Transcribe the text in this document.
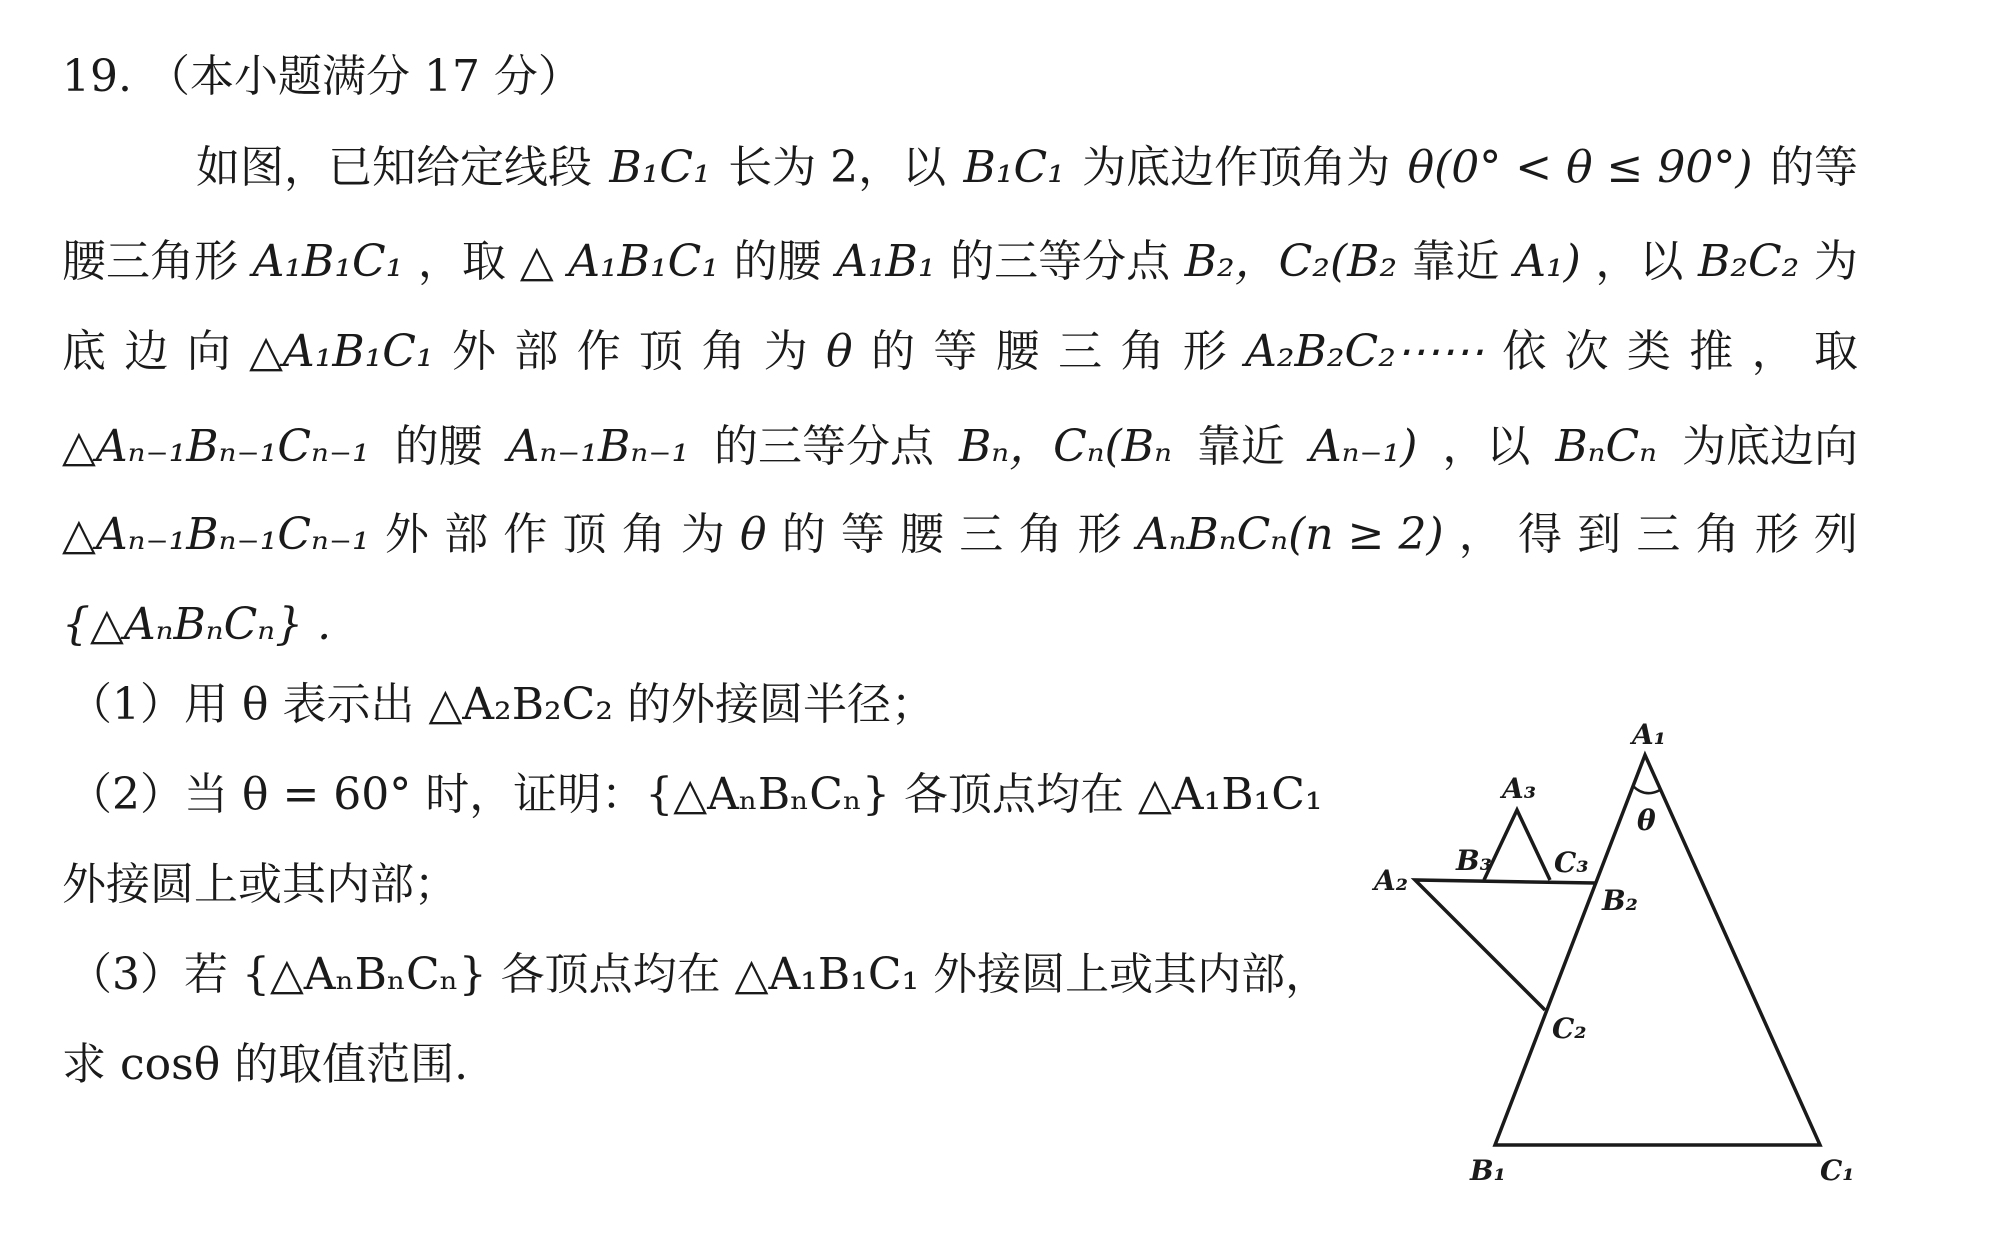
19. （本小题满分 17 分）
如图，已知给定线段 B₁C₁ 长为 2，以 B₁C₁ 为底边作顶角为 θ(0° < θ ≤ 90°) 的等
腰三角形 A₁B₁C₁ ，取 △ A₁B₁C₁ 的腰 A₁B₁ 的三等分点 B₂，C₂(B₂ 靠近 A₁) ，以 B₂C₂ 为
底 边 向 △A₁B₁C₁ 外 部 作 顶 角 为 θ 的 等 腰 三 角 形 A₂B₂C₂⋯⋯ 依 次 类 推 ， 取
△Aₙ₋₁Bₙ₋₁Cₙ₋₁ 的腰 Aₙ₋₁Bₙ₋₁ 的三等分点 Bₙ，Cₙ(Bₙ 靠近 Aₙ₋₁) ，以 BₙCₙ 为底边向
△Aₙ₋₁Bₙ₋₁Cₙ₋₁ 外 部 作 顶 角 为 θ 的 等 腰 三 角 形 AₙBₙCₙ(n ≥ 2) ， 得 到 三 角 形 列
{△AₙBₙCₙ} .
（1）用 θ 表示出 △A₂B₂C₂ 的外接圆半径；
（2）当 θ = 60° 时，证明：{△AₙBₙCₙ} 各顶点均在 △A₁B₁C₁
外接圆上或其内部；
（3）若 {△AₙBₙCₙ} 各顶点均在 △A₁B₁C₁ 外接圆上或其内部，
求 cosθ 的取值范围.
A₁
B₁	C₁
A₂
B₂
C₂
A₃
B₃ C₃
θ
